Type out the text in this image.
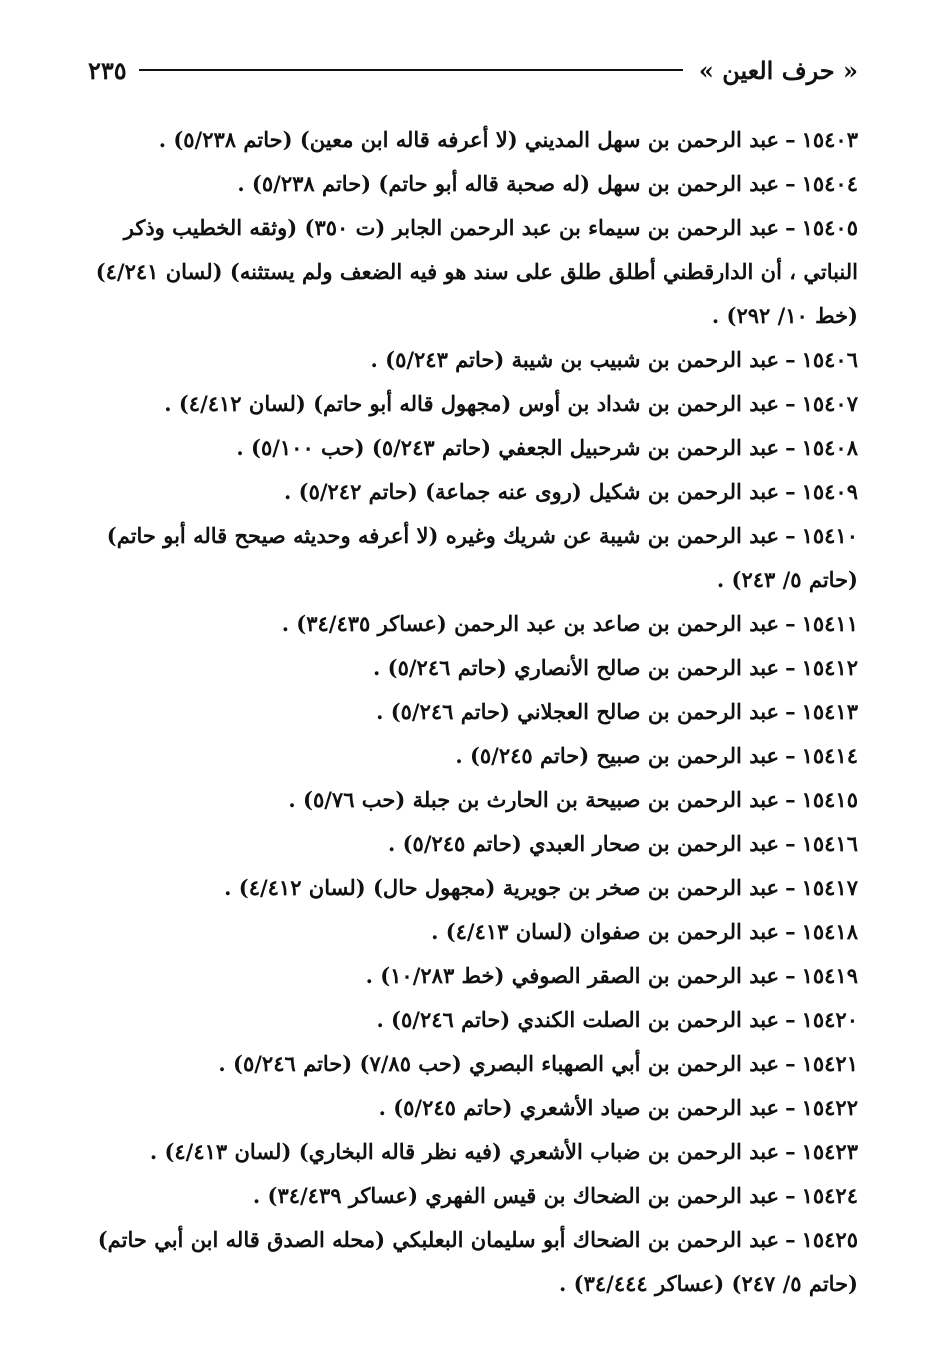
« حرف العين »
٢٣٥

١٥٤٠٣–عبد الرحمن بن سهل المديني (لا أعرفه قاله ابن معين) (حاتم ٥/٢٣٨) .

١٥٤٠٤–عبد الرحمن بن سهل (له صحبة قاله أبو حاتم) (حاتم ٥/٢٣٨) .

١٥٤٠٥–عبد الرحمن بن سيماء بن عبد الرحمن الجابر (ت ٣٥٠) (وثقه الخطيب وذكر النباتي ، أن الدارقطني أطلق طلق على سند هو فيه الضعف ولم يستثنه) (لسان ٤/٢٤١) (خط ١٠/ ٢٩٢) .

١٥٤٠٦–عبد الرحمن بن شبيب بن شيبة (حاتم ٥/٢٤٣) .

١٥٤٠٧–عبد الرحمن بن شداد بن أوس (مجهول قاله أبو حاتم) (لسان ٤/٤١٢) .

١٥٤٠٨–عبد الرحمن بن شرحبيل الجعفي (حاتم ٥/٢٤٣) (حب ٥/١٠٠) .

١٥٤٠٩–عبد الرحمن بن شكيل (روى عنه جماعة) (حاتم ٥/٢٤٢) .

١٥٤١٠–عبد الرحمن بن شيبة عن شريك وغيره (لا أعرفه وحديثه صيحح قاله أبو حاتم) (حاتم ٥/ ٢٤٣) .

١٥٤١١–عبد الرحمن بن صاعد بن عبد الرحمن (عساكر ٣٤/٤٣٥) .

١٥٤١٢–عبد الرحمن بن صالح الأنصاري (حاتم ٥/٢٤٦) .

١٥٤١٣–عبد الرحمن بن صالح العجلاني (حاتم ٥/٢٤٦) .

١٥٤١٤–عبد الرحمن بن صبيح (حاتم ٥/٢٤٥) .

١٥٤١٥–عبد الرحمن بن صبيحة بن الحارث بن جبلة (حب ٥/٧٦) .

١٥٤١٦–عبد الرحمن بن صحار العبدي (حاتم ٥/٢٤٥) .

١٥٤١٧–عبد الرحمن بن صخر بن جويرية (مجهول حال) (لسان ٤/٤١٢) .

١٥٤١٨–عبد الرحمن بن صفوان (لسان ٤/٤١٣) .

١٥٤١٩–عبد الرحمن بن الصقر الصوفي (خط ١٠/٢٨٣) .

١٥٤٢٠–عبد الرحمن بن الصلت الكندي (حاتم ٥/٢٤٦) .

١٥٤٢١–عبد الرحمن بن أبي الصهباء البصري (حب ٧/٨٥) (حاتم ٥/٢٤٦) .

١٥٤٢٢–عبد الرحمن بن صياد الأشعري (حاتم ٥/٢٤٥) .

١٥٤٢٣–عبد الرحمن بن ضباب الأشعري (فيه نظر قاله البخاري) (لسان ٤/٤١٣) .

١٥٤٢٤–عبد الرحمن بن الضحاك بن قيس الفهري (عساكر ٣٤/٤٣٩) .

١٥٤٢٥–عبد الرحمن بن الضحاك أبو سليمان البعلبكي (محله الصدق قاله ابن أبي حاتم) (حاتم ٥/ ٢٤٧) (عساكر ٣٤/٤٤٤) .
